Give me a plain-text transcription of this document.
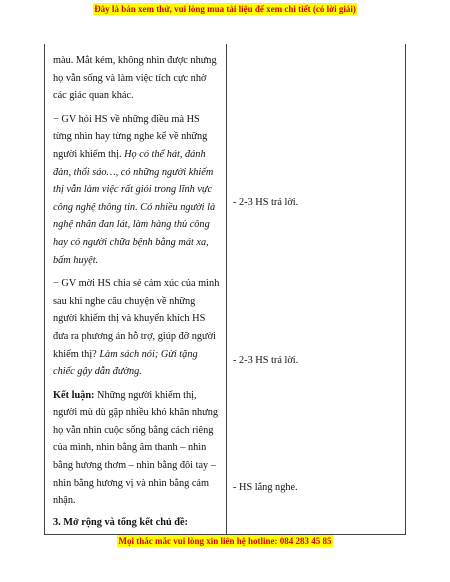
Đây là bản xem thử, vui lòng mua tài liệu để xem chi tiết (có lời giải)

màu. Mắt kém, không nhìn được nhưng họ vẫn sống và làm việc tích cực nhờ các giác quan khác.

− GV hỏi HS về những điều mà HS từng nhìn hay từng nghe kể về những người khiếm thị. Họ có thể hát, đánh đàn, thổi sáo…, có những người khiếm thị vẫn làm việc rất giỏi trong lĩnh vực công nghệ thông tin. Có nhiều người là nghệ nhân đan lát, làm hàng thủ công hay có người chữa bệnh bằng mát xa, bấm huyệt.

− GV mời HS chia sẻ cảm xúc của mình sau khi nghe câu chuyện về những người khiếm thị và khuyến khích HS đưa ra phương án hỗ trợ, giúp đỡ người khiếm thị? Làm sách nói; Gửi tặng chiếc gậy dẫn đường.

Kết luận: Những người khiếm thị, người mù dù gặp nhiều khó khăn nhưng họ vẫn nhìn cuộc sống bằng cách riêng của mình, nhìn bằng âm thanh – nhìn bằng hương thơm – nhìn bằng đôi tay – nhìn bằng hương vị và nhìn bằng cảm nhận.

3. Mở rộng và tổng kết chủ đề:

- 2-3 HS trả lời.
- 2-3 HS trả lời.
- HS lắng nghe.
Mọi thắc mắc vui lòng xin liên hệ hotline: 084 283 45 85
